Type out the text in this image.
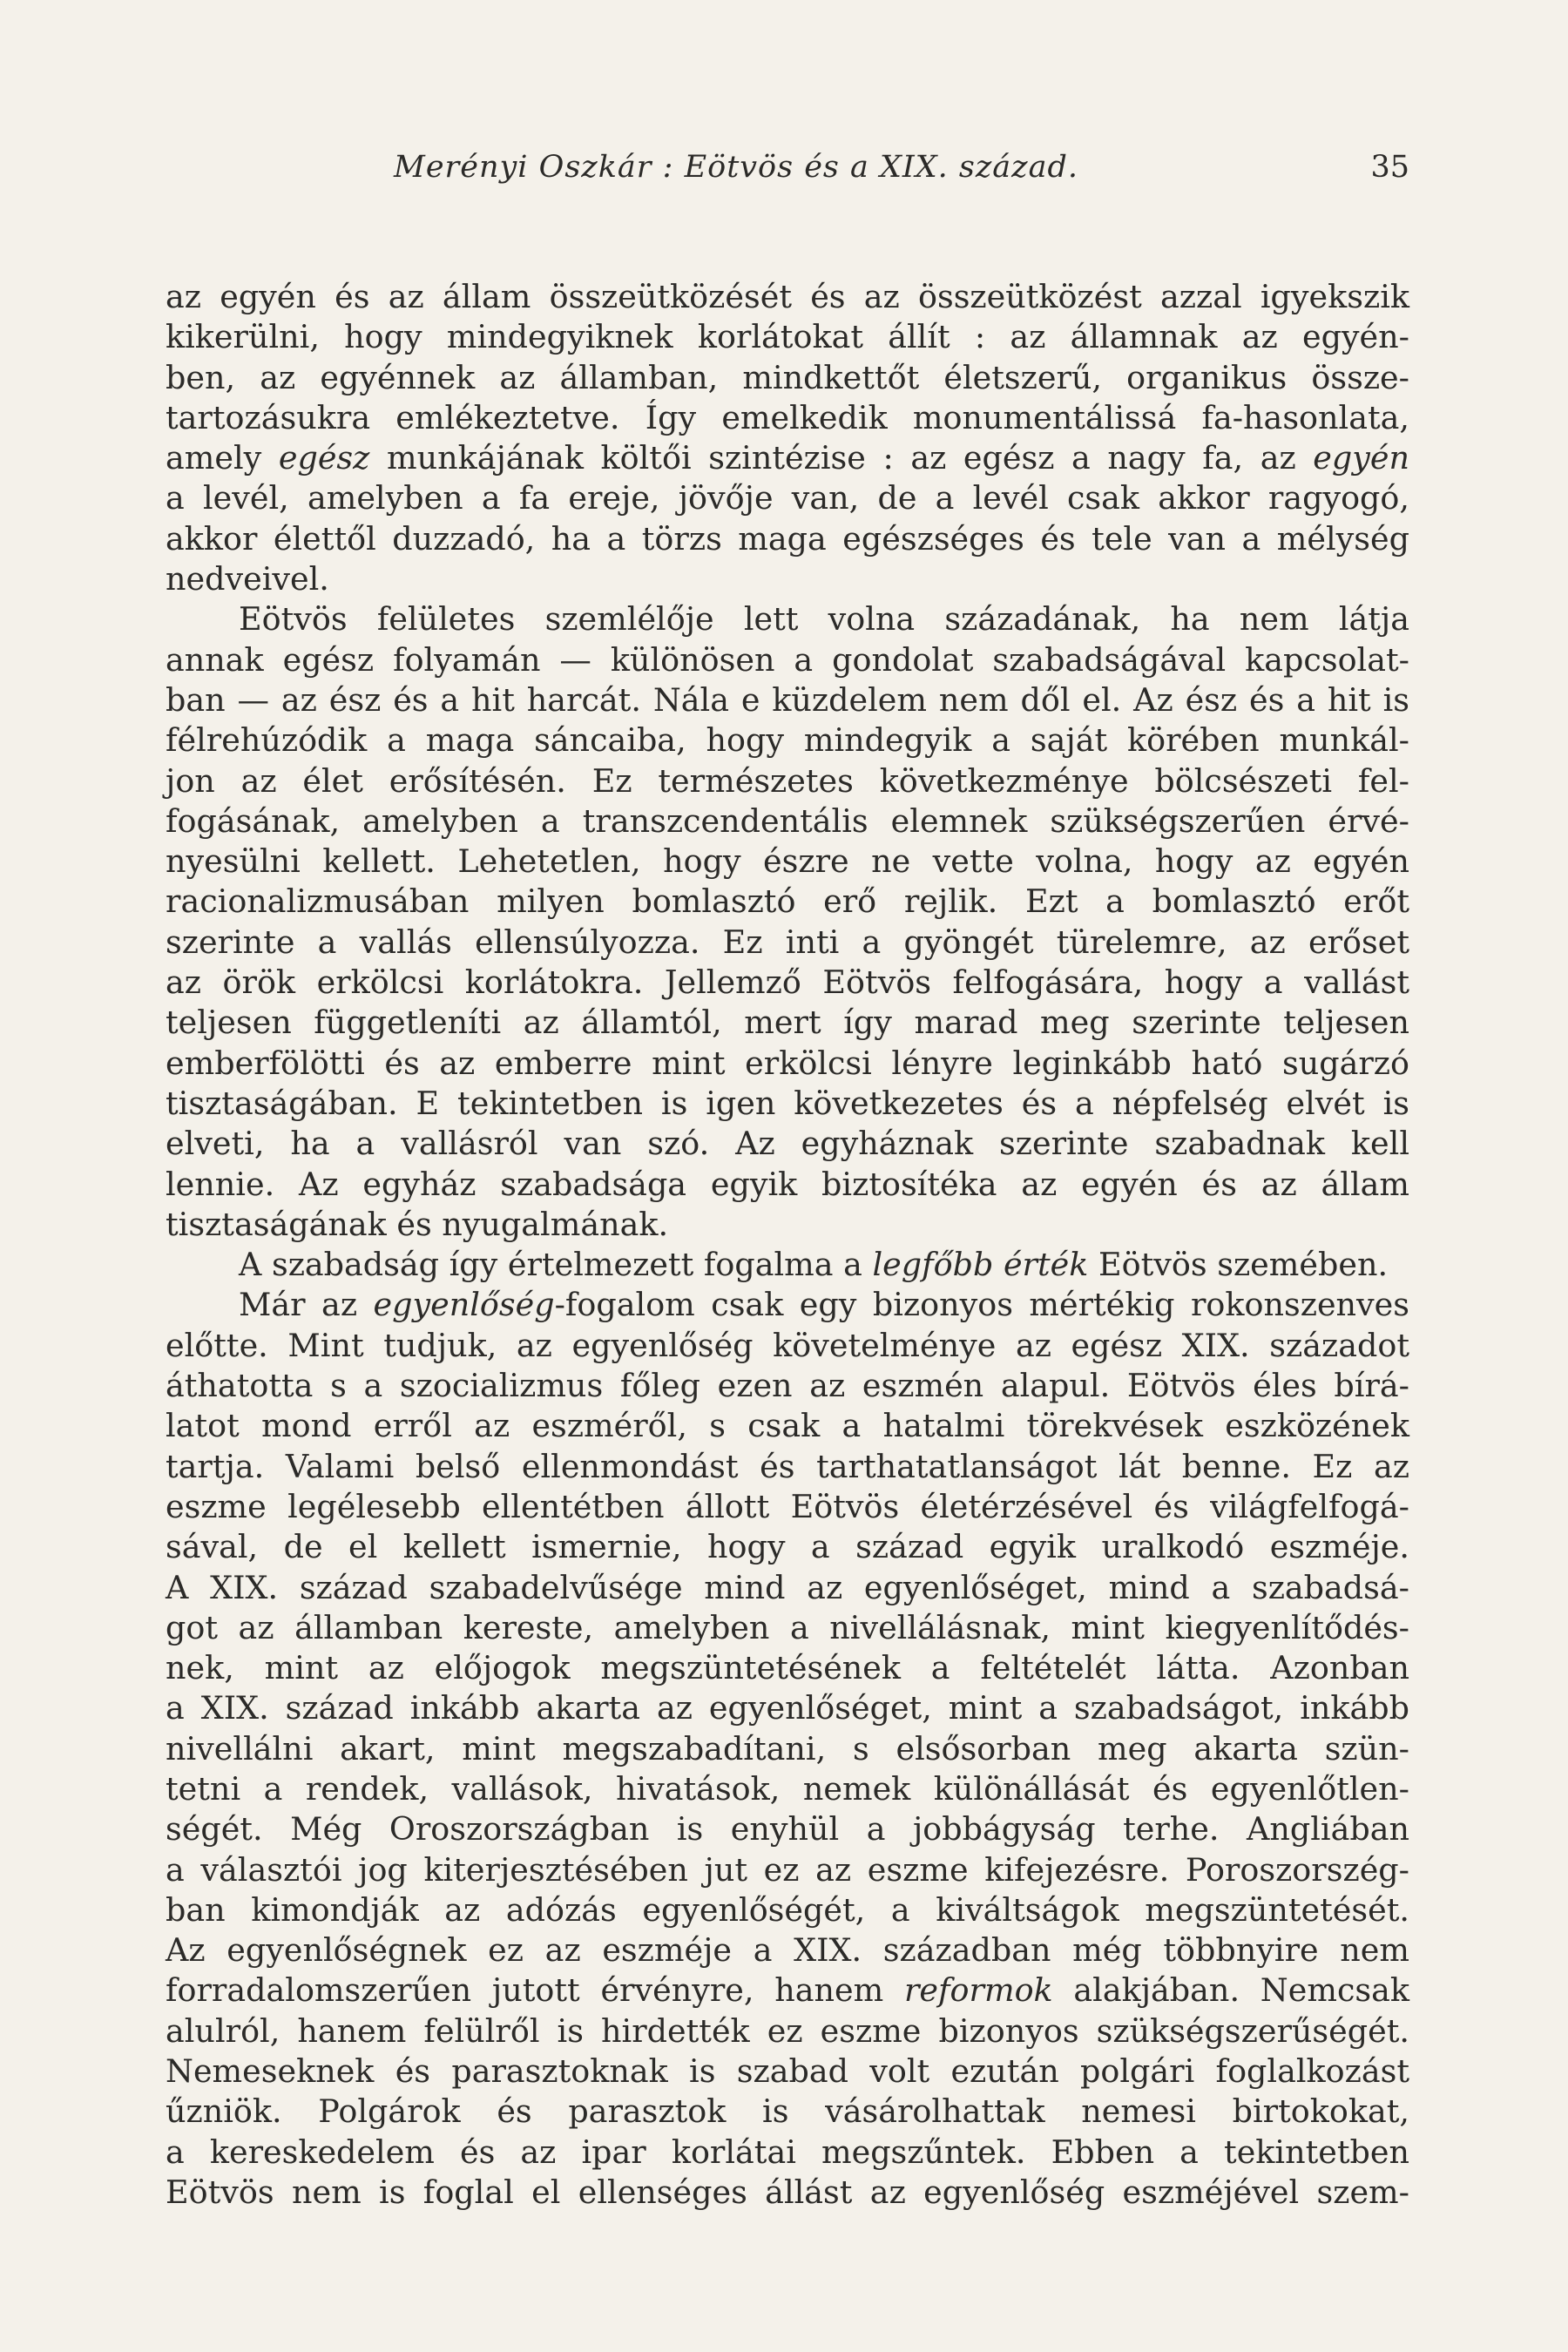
Merényi Oszkár : Eötvös és a XIX. század.	35
az egyén és az állam összeütközését és az összeütközést azzal igyekszik
kikerülni, hogy mindegyiknek korlátokat állít : az államnak az egyén-
ben, az egyénnek az államban, mindkettőt életszerű, organikus össze-
tartozásukra emlékeztetve. Így emelkedik monumentálissá fa-hasonlata,
amely egész munkájának költői szintézise : az egész a nagy fa, az egyén
a levél, amelyben a fa ereje, jövője van, de a levél csak akkor ragyogó,
akkor élettől duzzadó, ha a törzs maga egészséges és tele van a mélység
nedveivel.
Eötvös felületes szemlélője lett volna századának, ha nem látja
annak egész folyamán — különösen a gondolat szabadságával kapcsolat-
ban — az ész és a hit harcát. Nála e küzdelem nem dől el. Az ész és a hit is
félrehúzódik a maga sáncaiba, hogy mindegyik a saját körében munkál-
jon az élet erősítésén. Ez természetes következménye bölcsészeti fel-
fogásának, amelyben a transzcendentális elemnek szükségszerűen érvé-
nyesülni kellett. Lehetetlen, hogy észre ne vette volna, hogy az egyén
racionalizmusában milyen bomlasztó erő rejlik. Ezt a bomlasztó erőt
szerinte a vallás ellensúlyozza. Ez inti a gyöngét türelemre, az erőset
az örök erkölcsi korlátokra. Jellemző Eötvös felfogására, hogy a vallást
teljesen függetleníti az államtól, mert így marad meg szerinte teljesen
emberfölötti és az emberre mint erkölcsi lényre leginkább ható sugárzó
tisztaságában. E tekintetben is igen következetes és a népfelség elvét is
elveti, ha a vallásról van szó. Az egyháznak szerinte szabadnak kell
lennie. Az egyház szabadsága egyik biztosítéka az egyén és az állam
tisztaságának és nyugalmának.
A szabadság így értelmezett fogalma a legfőbb érték Eötvös szemében.
Már az egyenlőség-fogalom csak egy bizonyos mértékig rokonszenves
előtte. Mint tudjuk, az egyenlőség követelménye az egész XIX. századot
áthatotta s a szocializmus főleg ezen az eszmén alapul. Eötvös éles bírá-
latot mond erről az eszméről, s csak a hatalmi törekvések eszközének
tartja. Valami belső ellenmondást és tarthatatlanságot lát benne. Ez az
eszme legélesebb ellentétben állott Eötvös életérzésével és világfelfogá-
sával, de el kellett ismernie, hogy a század egyik uralkodó eszméje.
A XIX. század szabadelvűsége mind az egyenlőséget, mind a szabadsá-
got az államban kereste, amelyben a nivellálásnak, mint kiegyenlítődés-
nek, mint az előjogok megszüntetésének a feltételét látta. Azonban
a XIX. század inkább akarta az egyenlőséget, mint a szabadságot, inkább
nivellálni akart, mint megszabadítani, s elsősorban meg akarta szün-
tetni a rendek, vallások, hivatások, nemek különállását és egyenlőtlen-
ségét. Még Oroszországban is enyhül a jobbágyság terhe. Angliában
a választói jog kiterjesztésében jut ez az eszme kifejezésre. Poroszorszég-
ban kimondják az adózás egyenlőségét, a kiváltságok megszüntetését.
Az egyenlőségnek ez az eszméje a XIX. században még többnyire nem
forradalomszerűen jutott érvényre, hanem reformok alakjában. Nemcsak
alulról, hanem felülről is hirdették ez eszme bizonyos szükségszerűségét.
Nemeseknek és parasztoknak is szabad volt ezután polgári foglalkozást
űzniök. Polgárok és parasztok is vásárolhattak nemesi birtokokat,
a kereskedelem és az ipar korlátai megszűntek. Ebben a tekintetben
Eötvös nem is foglal el ellenséges állást az egyenlőség eszméjével szem-
